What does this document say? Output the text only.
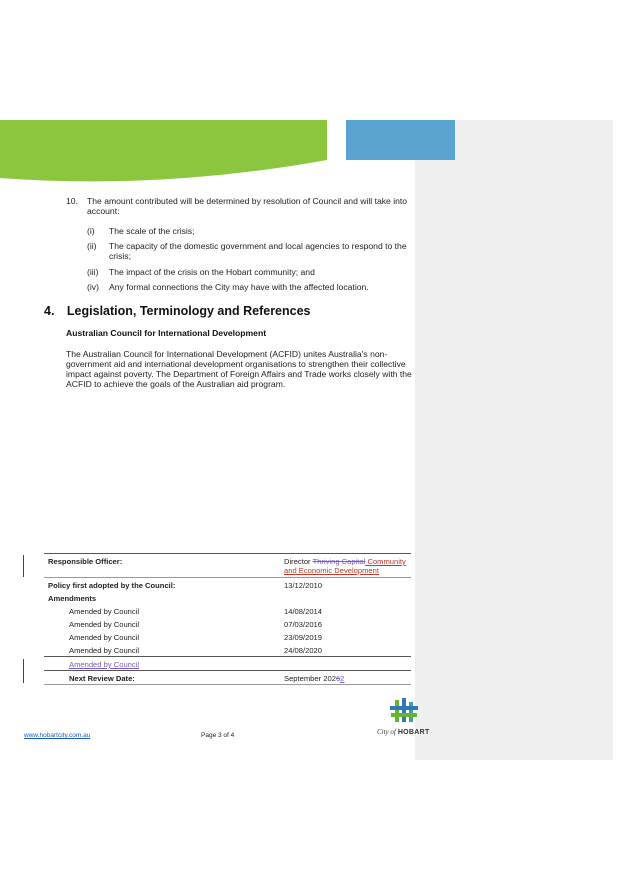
10. The amount contributed will be determined by resolution of Council and will take into account:
(i) The scale of the crisis;
(ii) The capacity of the domestic government and local agencies to respond to the crisis;
(iii) The impact of the crisis on the Hobart community; and
(iv) Any formal connections the City may have with the affected location.
4. Legislation, Terminology and References
Australian Council for International Development
The Australian Council for International Development (ACFID) unites Australia’s non-government aid and international development organisations to strengthen their collective impact against poverty. The Department of Foreign Affairs and Trade works closely with the ACFID to achieve the goals of the Australian aid program.
Responsible Officer:	Director Thriving Capital Community and Economic Development
Policy first adopted by the Council:	13/12/2010
Amendments	
Amended by Council	14/08/2014
Amended by Council	07/03/2016
Amended by Council	23/09/2019
Amended by Council	24/08/2020
Amended by Council	
Next Review Date:	September 20262
City of HOBART
www.hobartcity.com.au	Page 3 of 4
